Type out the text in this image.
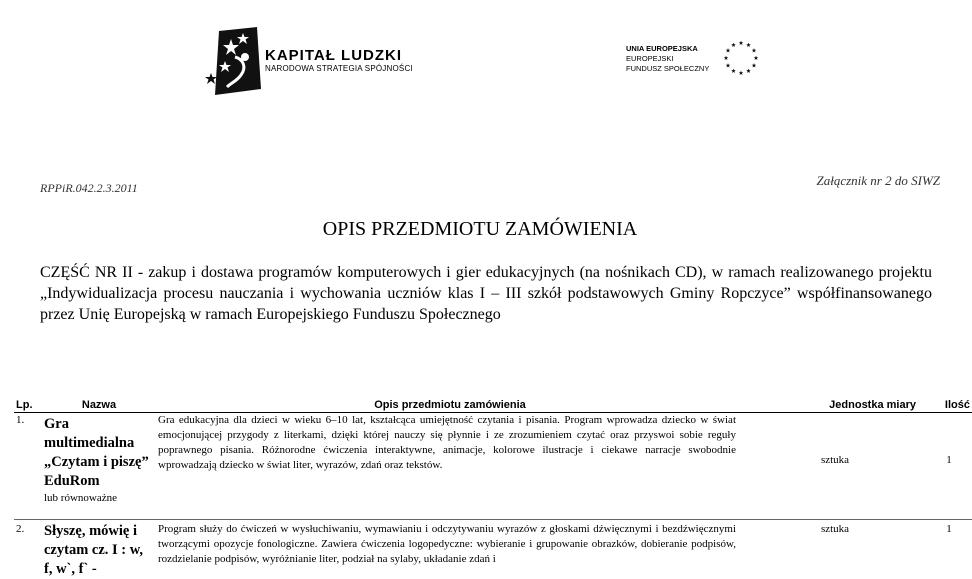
KAPITAŁ LUDZKI
NARODOWA STRATEGIA SPÓJNOŚCI
UNIA EUROPEJSKA
EUROPEJSKI
FUNDUSZ SPOŁECZNY
RPPiR.042.2.3.2011	Załącznik nr 2 do SIWZ
OPIS PRZEDMIOTU ZAMÓWIENIA
CZĘŚĆ NR II - zakup i dostawa programów komputerowych i gier edukacyjnych (na nośnikach CD), w ramach realizowanego projektu „Indywidualizacja procesu nauczania i wychowania uczniów klas I – III szkół podstawowych Gminy Ropczyce” współfinansowanego przez Unię Europejską w ramach Europejskiego Funduszu Społecznego
Lp.	Nazwa	Opis przedmiotu zamówienia	Jednostka miary	Ilość
1.	Gra multimedialna „Czytam i piszę” EduRom
lub równoważne	Gra edukacyjna dla dzieci w wieku 6–10 lat, kształcąca umiejętność czytania i pisania. Program wprowadza dziecko w świat emocjonującej przygody z literkami, dzięki której nauczy się płynnie i ze zrozumieniem czytać oraz przyswoi sobie reguły poprawnego pisania. Różnorodne ćwiczenia interaktywne, animacje, kolorowe ilustracje i ciekawe narracje swobodnie wprowadzają dziecko w świat liter, wyrazów, zdań oraz tekstów.	sztuka	1

2.	Słyszę, mówię i czytam cz. I : w, f, w`, f` -	Program służy do ćwiczeń w wysłuchiwaniu, wymawianiu i odczytywaniu wyrazów z głoskami dźwięcznymi i bezdźwięcznymi tworzącymi opozycje fonologiczne. Zawiera ćwiczenia logopedyczne: wybieranie i grupowanie obrazków, dobieranie podpisów, rozdzielanie podpisów, wyróżnianie liter, podział na sylaby, układanie zdań i	sztuka	1
